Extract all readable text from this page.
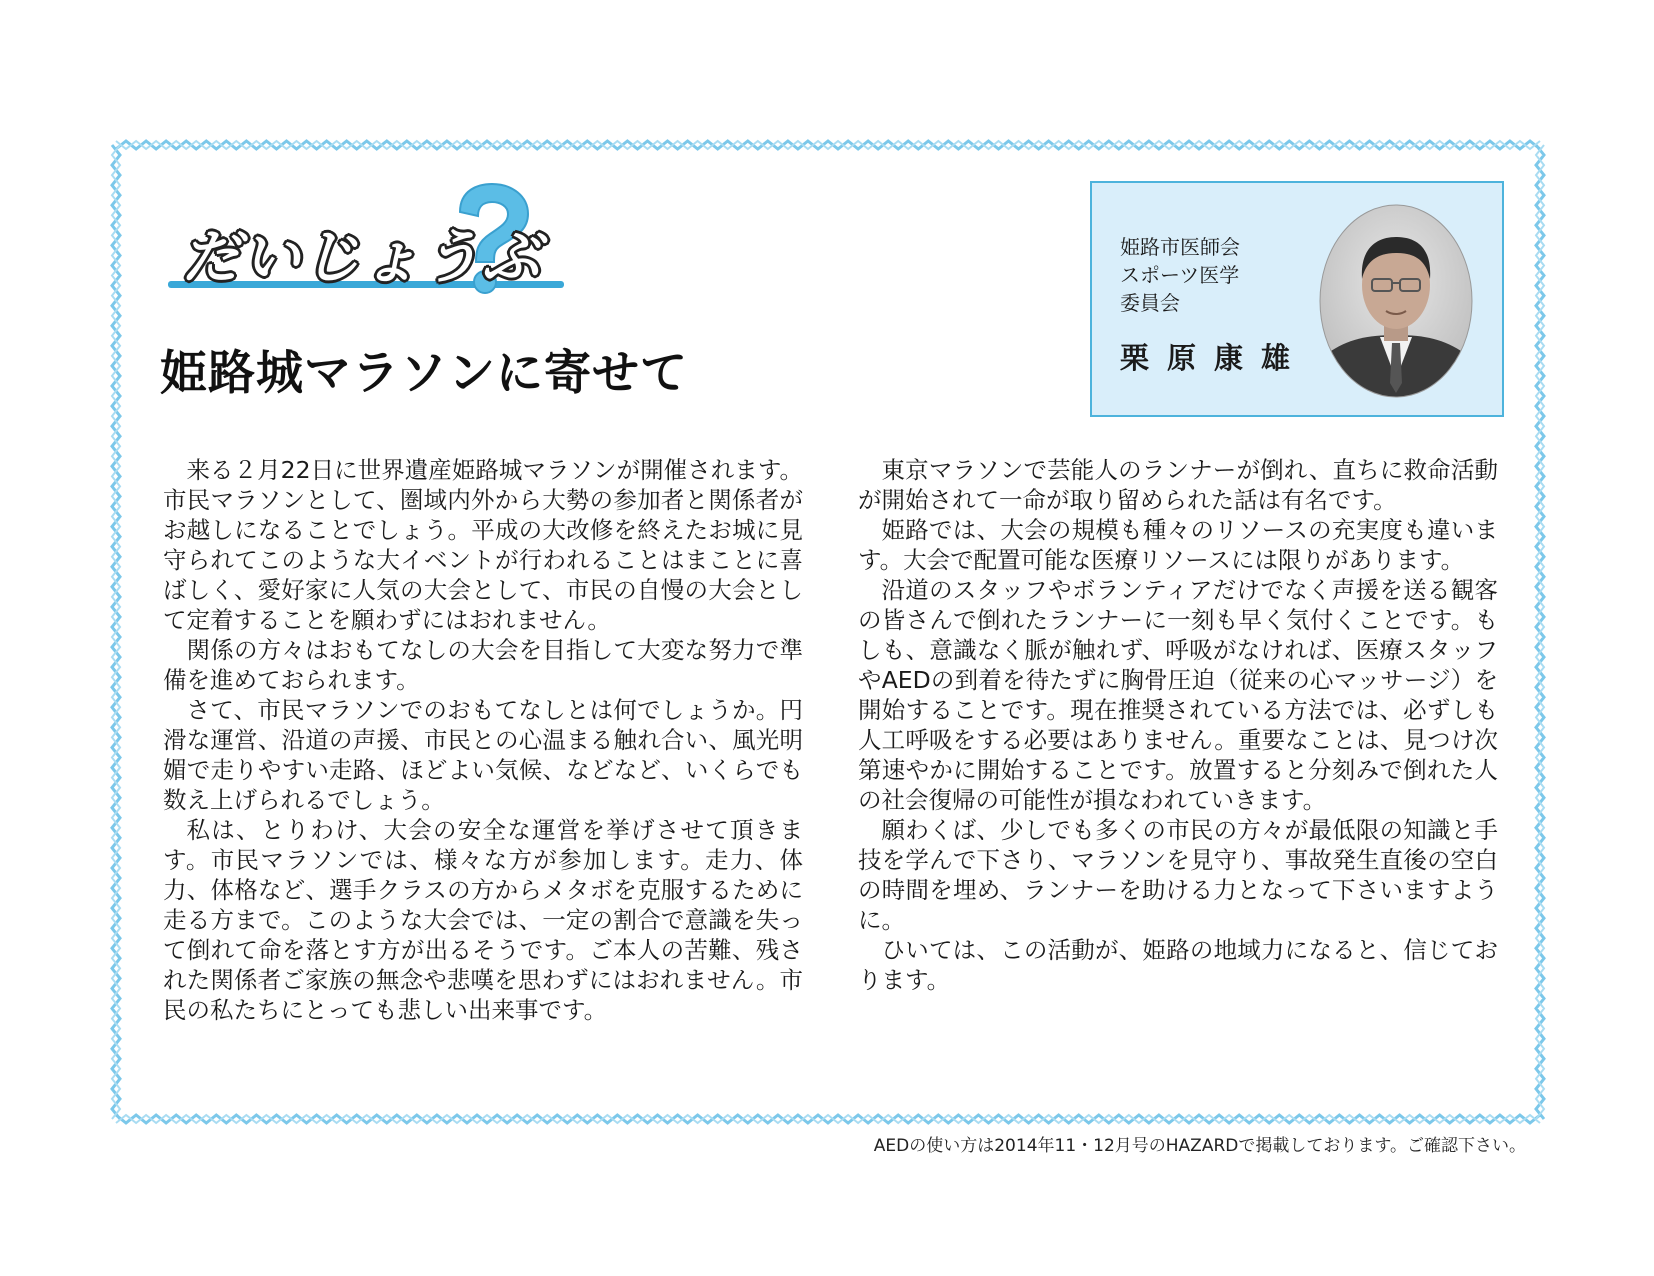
だいじょうぶ
姫路城マラソンに寄せて
姫路市医師会
スポーツ医学
委員会
栗原康雄

来る２月22日に世界遺産姫路城マラソンが開催されます。市民マラソンとして、圏域内外から大勢の参加者と関係者がお越しになることでしょう。平成の大改修を終えたお城に見守られてこのような大イベントが行われることはまことに喜ばしく、愛好家に人気の大会として、市民の自慢の大会として定着することを願わずにはおれません。

関係の方々はおもてなしの大会を目指して大変な努力で準備を進めておられます。

さて、市民マラソンでのおもてなしとは何でしょうか。円滑な運営、沿道の声援、市民との心温まる触れ合い、風光明媚で走りやすい走路、ほどよい気候、などなど、いくらでも数え上げられるでしょう。

私は、とりわけ、大会の安全な運営を挙げさせて頂きます。市民マラソンでは、様々な方が参加します。走力、体力、体格など、選手クラスの方からメタボを克服するために走る方まで。このような大会では、一定の割合で意識を失って倒れて命を落とす方が出るそうです。ご本人の苦難、残された関係者ご家族の無念や悲嘆を思わずにはおれません。市民の私たちにとっても悲しい出来事です。

東京マラソンで芸能人のランナーが倒れ、直ちに救命活動が開始されて一命が取り留められた話は有名です。

姫路では、大会の規模も種々のリソースの充実度も違います。大会で配置可能な医療リソースには限りがあります。

沿道のスタッフやボランティアだけでなく声援を送る観客の皆さんで倒れたランナーに一刻も早く気付くことです。もしも、意識なく脈が触れず、呼吸がなければ、医療スタッフやAEDの到着を待たずに胸骨圧迫（従来の心マッサージ）を開始することです。現在推奨されている方法では、必ずしも人工呼吸をする必要はありません。重要なことは、見つけ次第速やかに開始することです。放置すると分刻みで倒れた人の社会復帰の可能性が損なわれていきます。

願わくば、少しでも多くの市民の方々が最低限の知識と手技を学んで下さり、マラソンを見守り、事故発生直後の空白の時間を埋め、ランナーを助ける力となって下さいますように。

ひいては、この活動が、姫路の地域力になると、信じております。

AEDの使い方は2014年11・12月号のHAZARDで掲載しております。ご確認下さい。
